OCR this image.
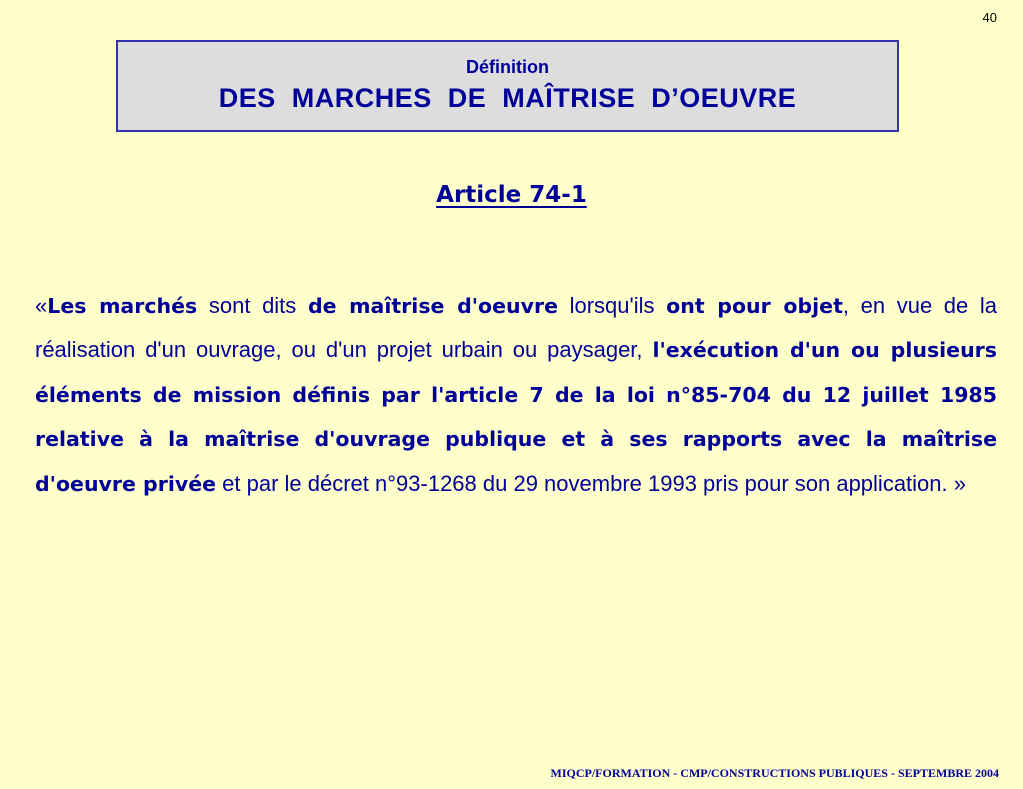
40
Définition
DES MARCHES DE MAÎTRISE D’OEUVRE
Article 74-1
«Les marchés sont dits de maîtrise d'oeuvre lorsqu'ils ont pour objet, en vue de la réalisation d'un ouvrage, ou d'un projet urbain ou paysager, l'exécution d'un ou plusieurs éléments de mission définis par l'article 7 de la loi n°85-704 du 12 juillet 1985 relative à la maîtrise d'ouvrage publique et à ses rapports avec la maîtrise d'oeuvre privée et par le décret n°93-1268 du 29 novembre 1993 pris pour son application. »
MIQCP/FORMATION - CMP/CONSTRUCTIONS PUBLIQUES - SEPTEMBRE 2004
